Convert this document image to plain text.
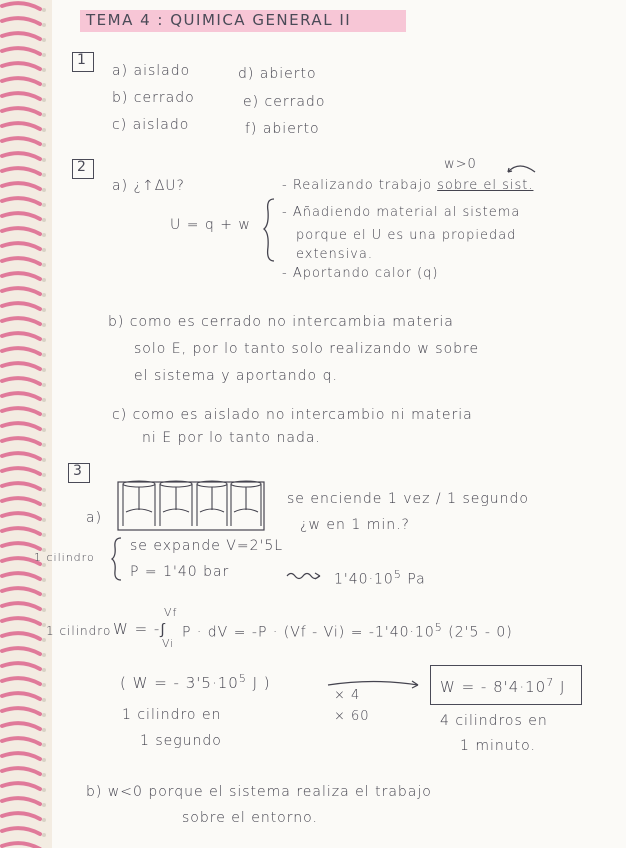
TEMA 4 : QUIMICA GENERAL II
1
a) aislado
b) cerrado
c) aislado
d) abierto
e) cerrado
f) abierto
2	w>0
a) ¿↑ΔU?
U = q + w
- Realizando trabajo sobre el sist.
- Añadiendo material al sistema
porque el U es una propiedad
extensiva.
- Aportando calor (q)
b) como es cerrado no intercambia materia
solo E, por lo tanto solo realizando w sobre
el sistema y aportando q.
c) como es aislado no intercambio ni materia
ni E por lo tanto nada.
3
a)
se enciende 1 vez / 1 segundo
¿w en 1 min.?
1 cilindro
se expande V=2'5L
P = 1'40 bar	$1'40\cdot 10^5$ Pa
1 cilindro W = -∫
Vf
Vi
P · dV = $-P \cdot (Vf - Vi) = -1'40\cdot 10^5$ (2'5 - 0)
( W = - $3'5\cdot 10^5$ J )
1 cilindro en
1 segundo
× 4
× 60
W = - $8'4\cdot 10^7$ J
4 cilindros en
1 minuto.
b) w<0 porque el sistema realiza el trabajo
sobre el entorno.
